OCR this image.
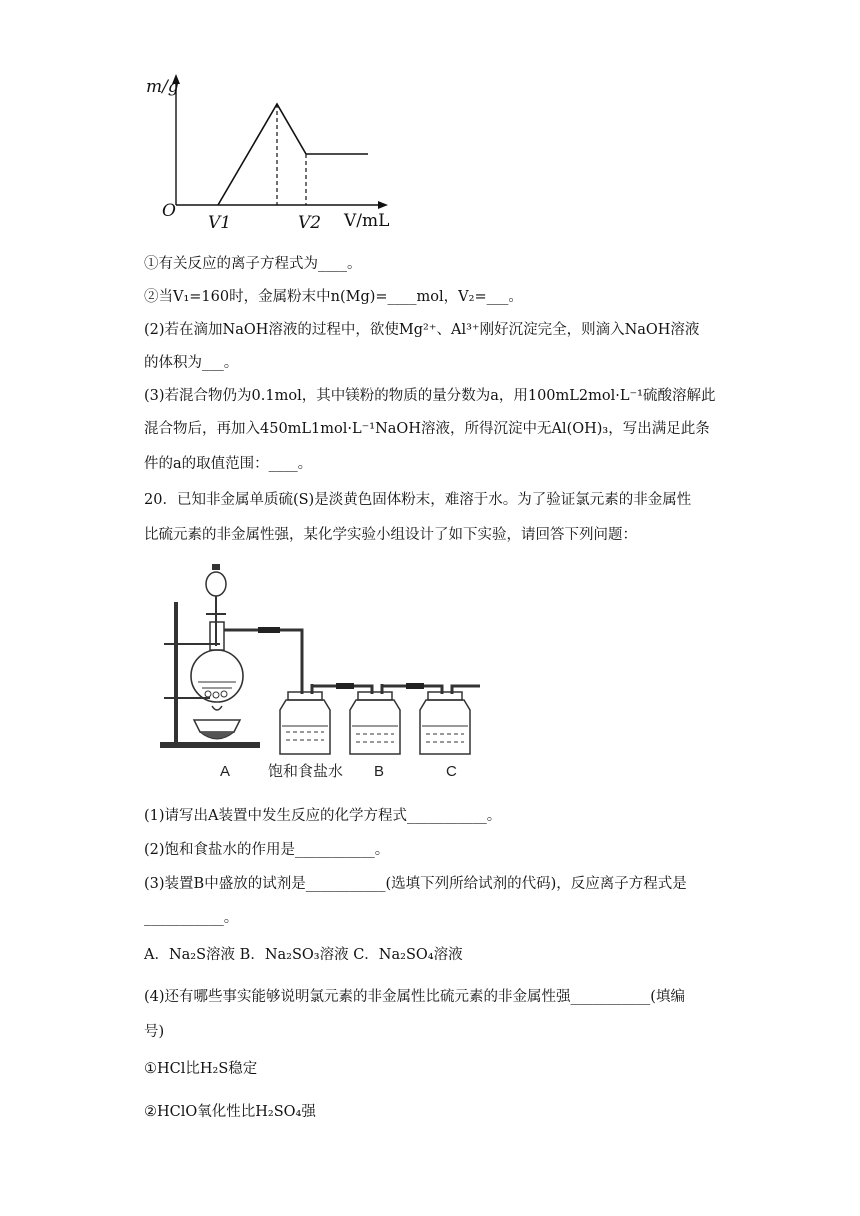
m/g
O
V1	V2 V/mL
①有关反应的离子方程式为____。
②当V₁=160时，金属粉末中n(Mg)=____mol，V₂=___。
(2)若在滴加NaOH溶液的过程中，欲使Mg²⁺、Al³⁺刚好沉淀完全，则滴入NaOH溶液
的体积为___。
(3)若混合物仍为0.1mol，其中镁粉的物质的量分数为a，用100mL2mol·L⁻¹硫酸溶解此
混合物后，再加入450mL1mol·L⁻¹NaOH溶液，所得沉淀中无Al(OH)₃，写出满足此条
件的a的取值范围：____。
20．已知非金属单质硫(S)是淡黄色固体粉末，难溶于水。为了验证氯元素的非金属性
比硫元素的非金属性强，某化学实验小组设计了如下实验，请回答下列问题：
A	饱和食盐水 B	C
(1)请写出A装置中发生反应的化学方程式___________。
(2)饱和食盐水的作用是___________。
(3)装置B中盛放的试剂是___________(选填下列所给试剂的代码)，反应离子方程式是
___________。
A．Na₂S溶液 B．Na₂SO₃溶液 C．Na₂SO₄溶液
(4)还有哪些事实能够说明氯元素的非金属性比硫元素的非金属性强___________(填编
号)
①HCl比H₂S稳定
②HClO氧化性比H₂SO₄强
